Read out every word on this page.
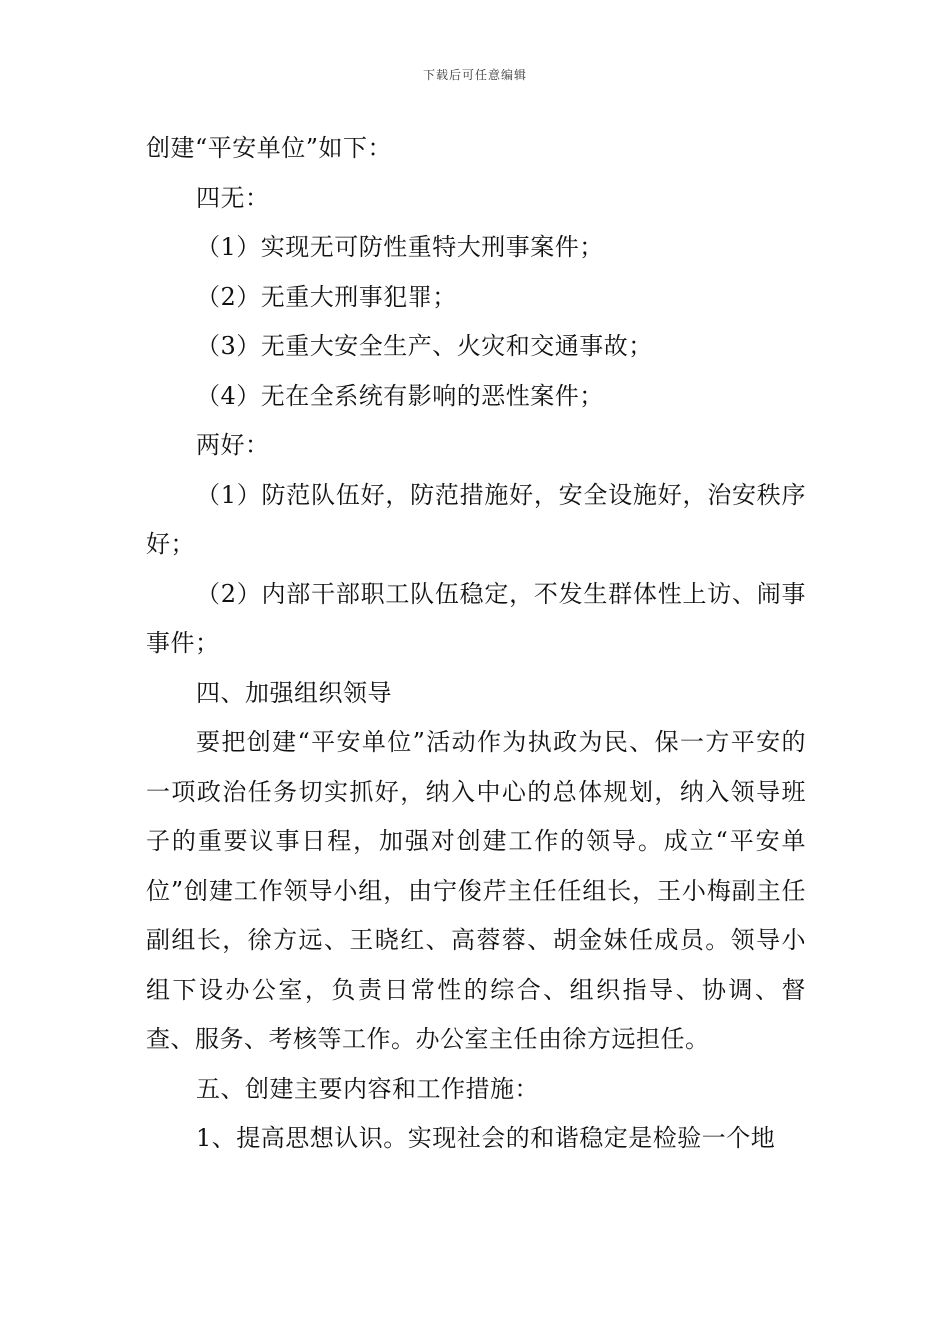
下载后可任意编辑

创建“平安单位”如下：

四无：

（1）实现无可防性重特大刑事案件；

（2）无重大刑事犯罪；

（3）无重大安全生产、火灾和交通事故；

（4）无在全系统有影响的恶性案件；

两好：

（1）防范队伍好，防范措施好，安全设施好，治安秩序好；

（2）内部干部职工队伍稳定，不发生群体性上访、闹事事件；

四、加强组织领导

要把创建“平安单位”活动作为执政为民、保一方平安的一项政治任务切实抓好，纳入中心的总体规划，纳入领导班子的重要议事日程，加强对创建工作的领导。成立“平安单位”创建工作领导小组，由宁俊芹主任任组长，王小梅副主任副组长，徐方远、王晓红、高蓉蓉、胡金妹任成员。领导小组下设办公室，负责日常性的综合、组织指导、协调、督查、服务、考核等工作。办公室主任由徐方远担任。

五、创建主要内容和工作措施：

1、提高思想认识。实现社会的和谐稳定是检验一个地
